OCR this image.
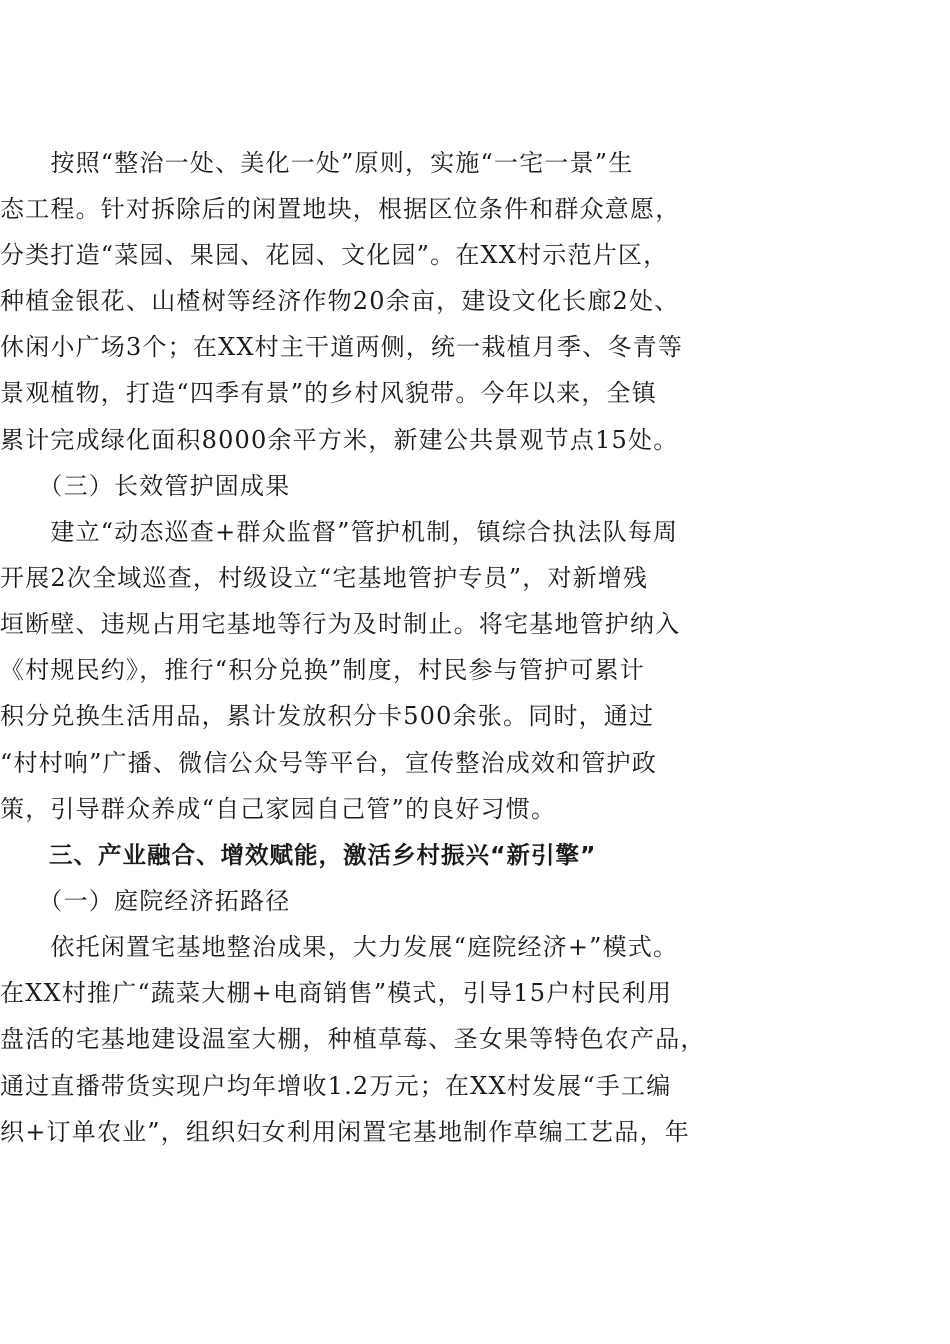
　　按照“整治一处、美化一处”原则，实施“一宅一景”生
态工程。针对拆除后的闲置地块，根据区位条件和群众意愿，
分类打造“菜园、果园、花园、文化园”。在XX村示范片区，
种植金银花、山楂树等经济作物20余亩，建设文化长廊2处、
休闲小广场3个；在XX村主干道两侧，统一栽植月季、冬青等
景观植物，打造“四季有景”的乡村风貌带。今年以来，全镇
累计完成绿化面积8000余平方米，新建公共景观节点15处。
　　（三）长效管护固成果
　　建立“动态巡查+群众监督”管护机制，镇综合执法队每周
开展2次全域巡查，村级设立“宅基地管护专员”，对新增残
垣断壁、违规占用宅基地等行为及时制止。将宅基地管护纳入
《村规民约》，推行“积分兑换”制度，村民参与管护可累计
积分兑换生活用品，累计发放积分卡500余张。同时，通过
“村村响”广播、微信公众号等平台，宣传整治成效和管护政
策，引导群众养成“自己家园自己管”的良好习惯。
　　三、产业融合、增效赋能，激活乡村振兴“新引擎”
　　（一）庭院经济拓路径
　　依托闲置宅基地整治成果，大力发展“庭院经济+”模式。
在XX村推广“蔬菜大棚+电商销售”模式，引导15户村民利用
盘活的宅基地建设温室大棚，种植草莓、圣女果等特色农产品，
通过直播带货实现户均年增收1.2万元；在XX村发展“手工编
织+订单农业”，组织妇女利用闲置宅基地制作草编工艺品，年
